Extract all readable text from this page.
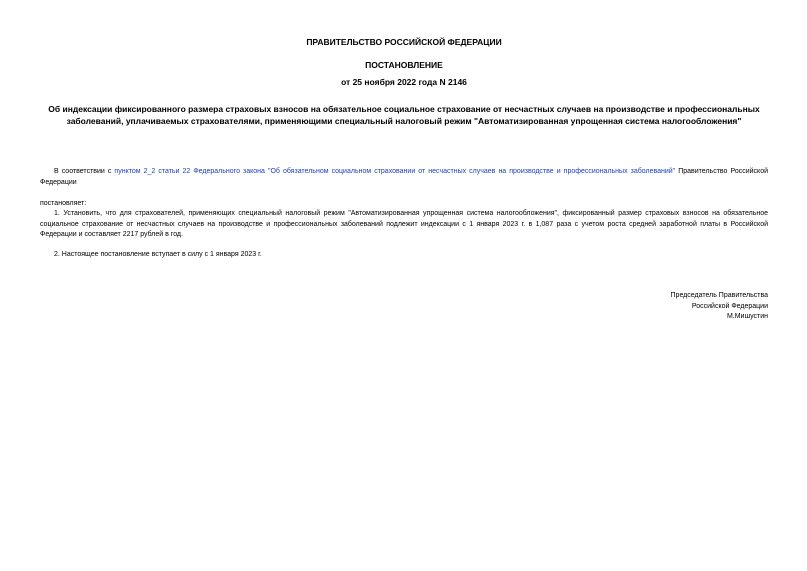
ПРАВИТЕЛЬСТВО РОССИЙСКОЙ ФЕДЕРАЦИИ
ПОСТАНОВЛЕНИЕ
от 25 ноября 2022 года N 2146
Об индексации фиксированного размера страховых взносов на обязательное социальное страхование от несчастных случаев на производстве и профессиональных заболеваний, уплачиваемых страхователями, применяющими специальный налоговый режим "Автоматизированная упрощенная система налогообложения"
В соответствии с пунктом 2_2 статьи 22 Федерального закона "Об обязательном социальном страховании от несчастных случаев на производстве и профессиональных заболеваний" Правительство Российской Федерации
постановляет:
1. Установить, что для страхователей, применяющих специальный налоговый режим "Автоматизированная упрощенная система налогообложения", фиксированный размер страховых взносов на обязательное социальное страхование от несчастных случаев на производстве и профессиональных заболеваний подлежит индексации с 1 января 2023 г. в 1,087 раза с учетом роста средней заработной платы в Российской Федерации и составляет 2217 рублей в год.
2. Настоящее постановление вступает в силу с 1 января 2023 г.
Председатель Правительства
Российской Федерации
М.Мишустин
